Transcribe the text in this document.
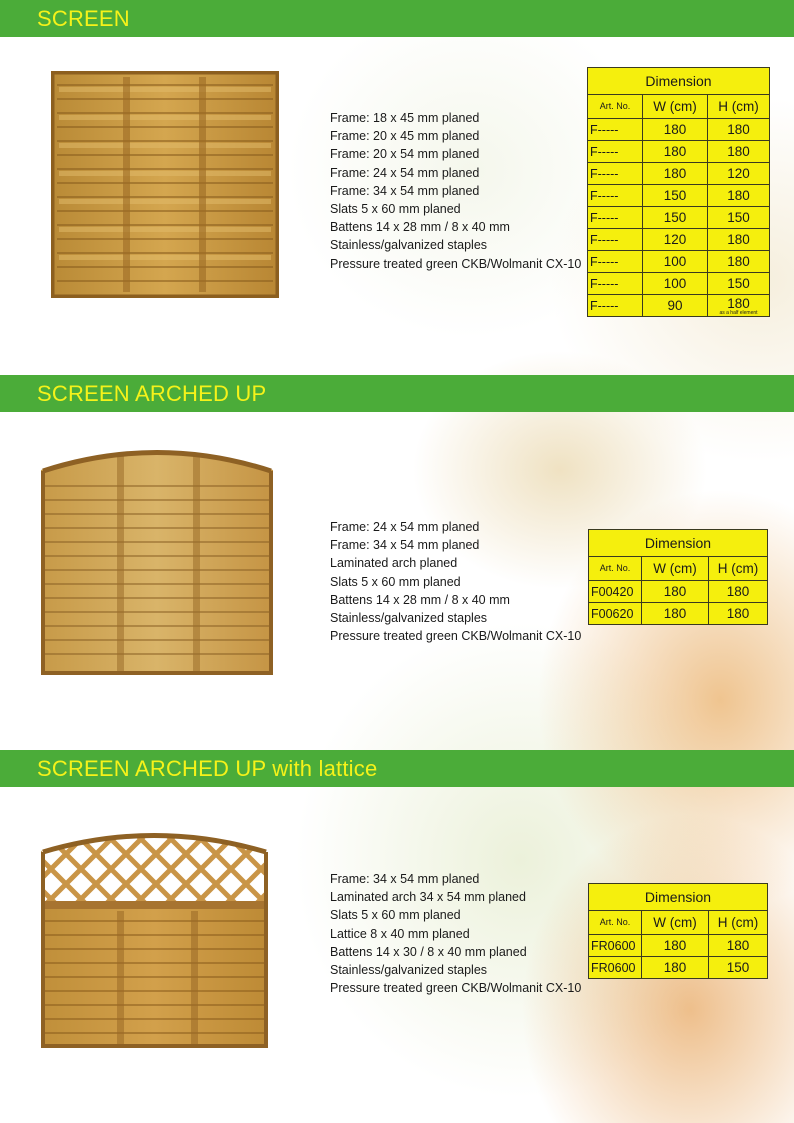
SCREEN
Frame: 18 x 45 mm planed
Frame: 20 x 45 mm planed
Frame: 20 x 54 mm planed
Frame: 24 x 54 mm planed
Frame: 34 x 54 mm planed
Slats 5 x 60 mm planed
Battens 14 x 28 mm / 8 x 40 mm
Stainless/galvanized staples
Pressure treated green CKB/Wolmanit CX-10
Dimension		
Art. No.	W (cm)	H (cm)
F-----	180	180
F-----	180	180
F-----	180	120
F-----	150	180
F-----	150	150
F-----	120	180
F-----	100	180
F-----	100	150
F-----	90	180
as a half element
SCREEN ARCHED UP
Frame: 24 x 54 mm planed
Frame: 34 x 54 mm planed
Laminated arch planed
Slats 5 x 60 mm planed
Battens 14 x 28 mm / 8 x 40 mm
Stainless/galvanized staples
Pressure treated green CKB/Wolmanit CX-10
Dimension		
Art. No.	W (cm)	H (cm)
F00420	180	180
F00620	180	180
SCREEN ARCHED UP with lattice
Frame: 34 x 54 mm planed
Laminated arch 34 x 54 mm planed
Slats 5 x 60 mm planed
Lattice 8 x 40 mm planed
Battens 14 x 30 / 8 x 40 mm planed
Stainless/galvanized staples
Pressure treated green CKB/Wolmanit CX-10
Dimension		
Art. No.	W (cm)	H (cm)
FR0600	180	180
FR0600	180	150
